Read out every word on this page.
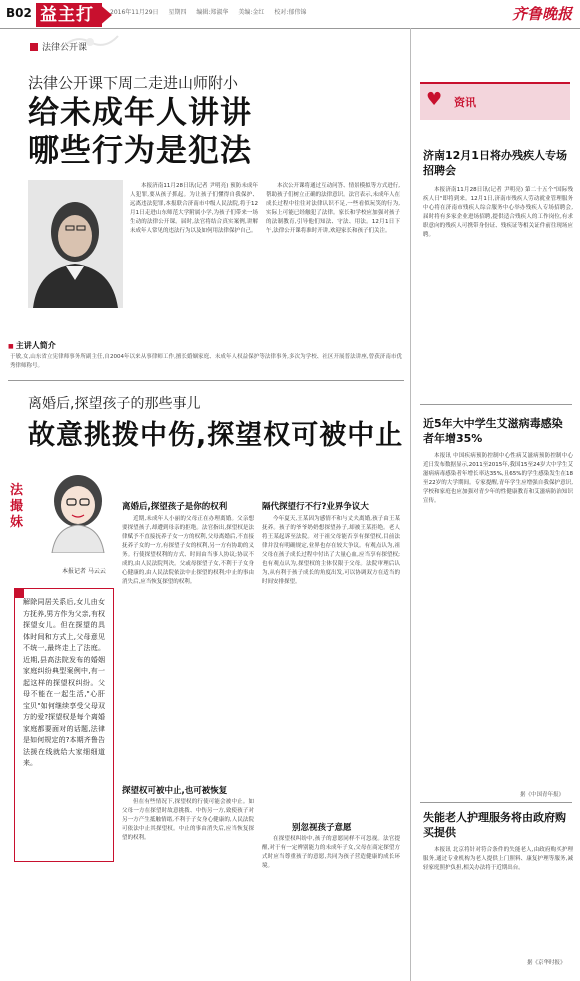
B02 益主打	2016年11月29日 星期四 编辑:郑淑华 美编:金红 校对:郁伟锦	齐鲁晚报
法律公开课
法律公开课下周二走进山师附小
给未成年人讲讲
哪些行为是犯法

本报济南11月28日讯(记者 尹明亮) 预防未成年人犯罪,要从孩子抓起。为让孩子们懂得自我保护、远离违法犯罪,本报联合济南市中级人民法院,将于12月1日走进山东师范大学附属小学,为孩子们带来一场生动的法律公开课。届时,法官将结合真实案例,讲解未成年人常见的违法行为以及如何用法律保护自己。

本次公开课将通过互动问答、情景模拟等方式进行,帮助孩子们树立正确的法律意识。法官表示,未成年人在成长过程中往往对法律认识不足,一些看似玩笑的行为,实际上可能已经触犯了法律。家长和学校应加强对孩子的法制教育,引导他们知法、守法、用法。12月1日下午,法律公开课将准时开讲,欢迎家长和孩子们关注。

■ 主讲人简介
于敏,女,山东省立宪律师事务所副主任,自2004年以来从事律师工作,擅长婚姻家庭、未成年人权益保护等法律事务,多次为学校、社区开展普法讲座,曾获济南市优秀律师称号。
离婚后,探望孩子的那些事儿
故意挑拨中伤,探望权可被中止
法撮妹
本报记者 马云云
解除同居关系后,女儿由女方抚养,男方作为父亲,有权探望女儿。但在探望的具体时间和方式上,父母意见不统一,最终走上了法庭。近期,县高法院发布的婚姻家庭纠纷典型案例中,有一起这样的探望权纠纷。父母不能在一起生活,"心肝宝贝"如何继续享受父母双方的爱?探望权是每个离婚家庭都要面对的话题,法律是如何规定的?本期齐鲁告法援在线就给大家细细道来。
离婚后,探望孩子是你的权利

近期,未成年人小丽的父母正在办理离婚。父亲想要探望孩子,却遭到母亲的拒绝。法官指出,探望权是法律赋予不直接抚养子女一方的权利,父母离婚后,不直接抚养子女的一方,有探望子女的权利,另一方有协助的义务。行使探望权利的方式、时间由当事人协议;协议不成的,由人民法院判决。父或母探望子女,不利于子女身心健康的,由人民法院依法中止探望的权利;中止的事由消失后,应当恢复探望的权利。

探望权可被中止,也可被恢复

但在有些情况下,探望权的行使可能会被中止。如父母一方在探望时故意挑拨、中伤另一方,致使孩子对另一方产生抵触情绪,不利于子女身心健康的,人民法院可依法中止其探望权。中止的事由消失后,应当恢复探望的权利。

隔代探望行不行?业界争议大

今年夏天,王某因为感情不和与丈夫离婚,孩子由王某抚养。孩子的爷爷奶奶想探望孙子,却被王某拒绝。老人将王某起诉至法院。对于祖父母能否享有探望权,目前法律并没有明确规定,业界也存在较大争议。有观点认为,祖父母在孩子成长过程中付出了大量心血,应当享有探望权;也有观点认为,探望权的主体仅限于父母。法院审理后认为,从有利于孩子成长的角度出发,可以协调双方在适当的时间安排探望。

别忽视孩子意愿

在探望权纠纷中,孩子的意愿同样不可忽视。法官提醒,对于有一定辨别能力的未成年子女,父母在商定探望方式时应当尊重孩子的意愿,共同为孩子营造健康的成长环境。

♥	资讯
济南12月1日将办残疾人专场招聘会

本报济南11月28日讯(记者 尹明亮) 第二十五个"国际残疾人日"即将到来。12月1日,济南市残疾人劳动就业管理服务中心将在济南市残疾人综合服务中心举办残疾人专场招聘会,届时将有多家企业进场招聘,提供适合残疾人的工作岗位,有求职意向的残疾人可携带身份证、残疾证等相关证件前往现场应聘。

近5年大中学生艾滋病毒感染者年增35%

本报讯 中国疾病预防控制中心性病艾滋病预防控制中心近日发布数据显示,2011至2015年,我国15至24岁大中学生艾滋病病毒感染者年增长率达35%,且65%的学生感染发生在18至22岁的大学期间。专家提醒,青年学生应增强自我保护意识,学校和家庭也应加强对青少年的性健康教育和艾滋病防治知识宣传。

据《中国青年报》
失能老人护理服务将由政府购买提供

本报讯 北京将针对符合条件的失能老人,由政府购买护理服务,通过专业机构为老人提供上门照料、康复护理等服务,减轻家庭照护负担,相关办法将于近期出台。

据《京华时报》
